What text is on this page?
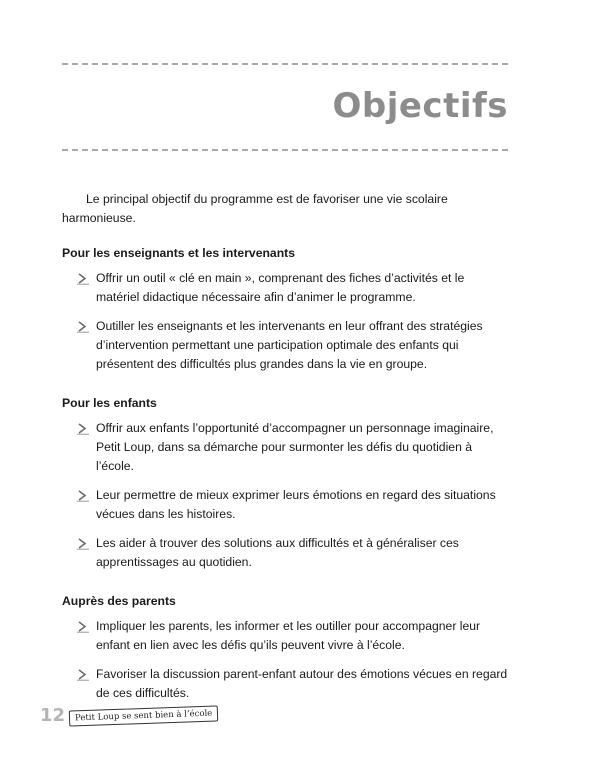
Objectifs

Le principal objectif du programme est de favoriser une vie scolaire harmonieuse.

Pour les enseignants et les intervenants
Offrir un outil « clé en main », comprenant des fiches d’activités et le matériel didactique nécessaire afin d’animer le programme.
Outiller les enseignants et les intervenants en leur offrant des stratégies d’intervention permettant une participation optimale des enfants qui présentent des difficultés plus grandes dans la vie en groupe.
Pour les enfants
Offrir aux enfants l’opportunité d’accompagner un personnage imaginaire, Petit Loup, dans sa démarche pour surmonter les défis du quotidien à l’école.
Leur permettre de mieux exprimer leurs émotions en regard des situations vécues dans les histoires.
Les aider à trouver des solutions aux difficultés et à généraliser ces apprentissages au quotidien.
Auprès des parents
Impliquer les parents, les informer et les outiller pour accompagner leur enfant en lien avec les défis qu’ils peuvent vivre à l’école.
Favoriser la discussion parent-enfant autour des émotions vécues en regard de ces difficultés.
12	Petit Loup se sent bien à l’école
